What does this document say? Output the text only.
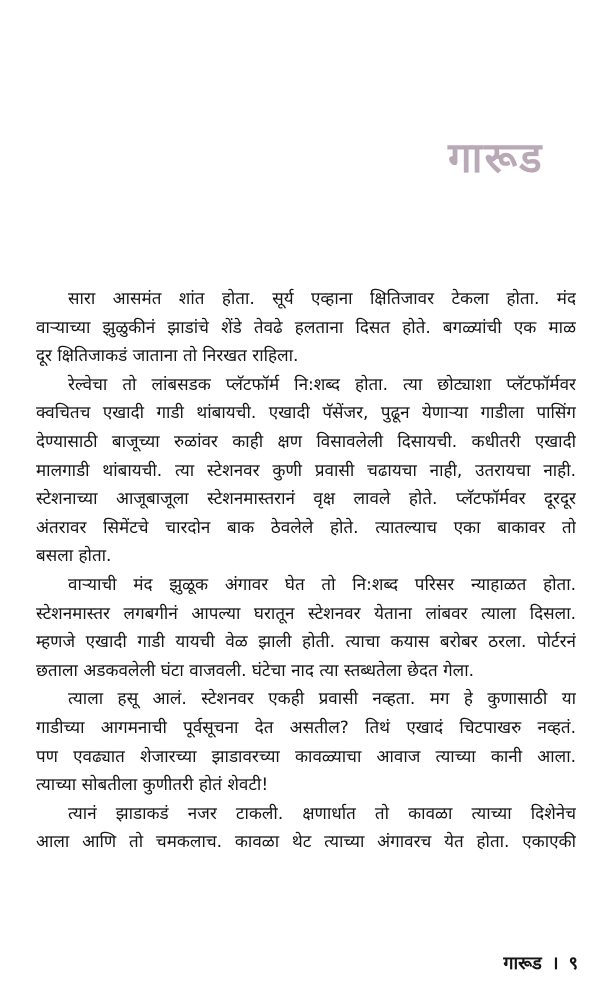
गारूड
सारा आसमंत शांत होता. सूर्य एव्हाना क्षितिजावर टेकला होता. मंद
वाऱ्याच्या झुळुकीनं झाडांचे शेंडे तेवढे हलताना दिसत होते. बगळ्यांची एक माळ
दूर क्षितिजाकडं जाताना तो निरखत राहिला.
रेल्वेचा तो लांबसडक प्लॅटफॉर्म नि:शब्द होता. त्या छोट्याशा प्लॅटफॉर्मवर
क्वचितच एखादी गाडी थांबायची. एखादी पॅसेंजर, पुढून येणाऱ्या गाडीला पासिंग
देण्यासाठी बाजूच्या रुळांवर काही क्षण विसावलेली दिसायची. कधीतरी एखादी
मालगाडी थांबायची. त्या स्टेशनवर कुणी प्रवासी चढायचा नाही, उतरायचा नाही.
स्टेशनाच्या आजूबाजूला स्टेशनमास्तरानं वृक्ष लावले होते. प्लॅटफॉर्मवर दूरदूर
अंतरावर सिमेंटचे चारदोन बाक ठेवलेले होते. त्यातल्याच एका बाकावर तो
बसला होता.
वाऱ्याची मंद झुळूक अंगावर घेत तो नि:शब्द परिसर न्याहाळत होता.
स्टेशनमास्तर लगबगीनं आपल्या घरातून स्टेशनवर येताना लांबवर त्याला दिसला.
म्हणजे एखादी गाडी यायची वेळ झाली होती. त्याचा कयास बरोबर ठरला. पोर्टरनं
छताला अडकवलेली घंटा वाजवली. घंटेचा नाद त्या स्तब्धतेला छेदत गेला.
त्याला हसू आलं. स्टेशनवर एकही प्रवासी नव्हता. मग हे कुणासाठी या
गाडीच्या आगमनाची पूर्वसूचना देत असतील? तिथं एखादं चिटपाखरु नव्हतं.
पण एवढ्यात शेजारच्या झाडावरच्या कावळ्याचा आवाज त्याच्या कानी आला.
त्याच्या सोबतीला कुणीतरी होतं शेवटी!
त्यानं झाडाकडं नजर टाकली. क्षणार्धात तो कावळा त्याच्या दिशेनेच
आला आणि तो चमकलाच. कावळा थेट त्याच्या अंगावरच येत होता. एकाएकी
गारूड । ९
